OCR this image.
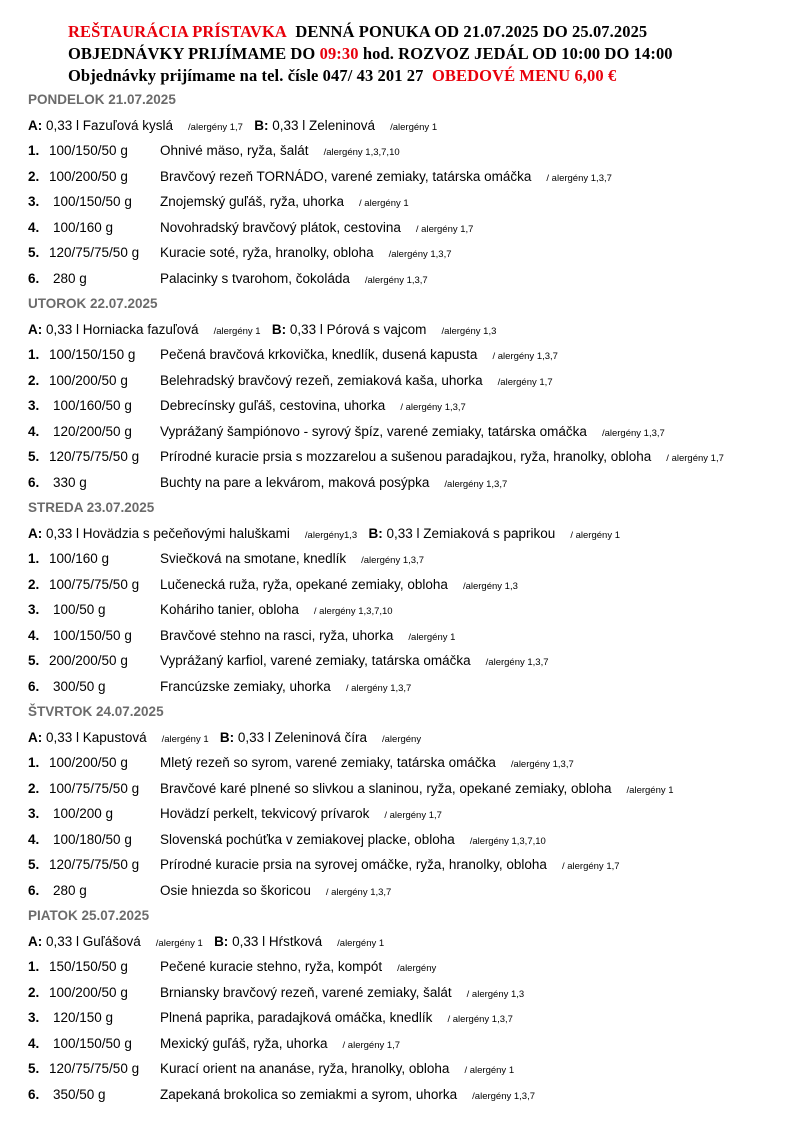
REŠTAURÁCIA PRÍSTAVKA DENNÁ PONUKA OD 21.07.2025 DO 25.07.2025
OBJEDNÁVKY PRIJÍMAME DO 09:30 hod. ROZVOZ JEDÁL OD 10:00 DO 14:00
Objednávky prijímame na tel. čísle 047/ 43 201 27 OBEDOVÉ MENU 6,00 €
PONDELOK 21.07.2025
A: 0,33 l Fazuľová kyslá /alergény 1,7 B: 0,33 l Zeleninová /alergény 1
1. 100/150/50 g Ohnivé mäso, ryža, šalát /alergény 1,3,7,10
2. 100/200/50 g Bravčový rezeň TORNÁDO, varené zemiaky, tatárska omáčka / alergény 1,3,7
3. 100/150/50 g Znojemský guľáš, ryža, uhorka / alergény 1
4. 100/160 g	Novohradský bravčový plátok, cestovina / alergény 1,7
5. 120/75/75/50 g Kuracie soté, ryža, hranolky, obloha /alergény 1,3,7
6. 280 g	Palacinky s tvarohom, čokoláda /alergény 1,3,7
UTOROK 22.07.2025
A: 0,33 l Horniacka fazuľová /alergény 1 B: 0,33 l Pórová s vajcom /alergény 1,3
1. 100/150/150 g Pečená bravčová krkovička, knedlík, dusená kapusta / alergény 1,3,7
2. 100/200/50 g Belehradský bravčový rezeň, zemiaková kaša, uhorka /alergény 1,7
3. 100/160/50 g Debrecínsky guľáš, cestovina, uhorka / alergény 1,3,7
4. 120/200/50 g Vyprážaný šampiónovo - syrový špíz, varené zemiaky, tatárska omáčka /alergény 1,3,7
5. 120/75/75/50 g Prírodné kuracie prsia s mozzarelou a sušenou paradajkou, ryža, hranolky, obloha / alergény 1,7
6. 330 g	Buchty na pare a lekvárom, maková posýpka /alergény 1,3,7
STREDA 23.07.2025
A: 0,33 l Hovädzia s pečeňovými haluškami /alergény1,3 B: 0,33 l Zemiaková s paprikou / alergény 1
1. 100/160 g	Sviečková na smotane, knedlík /alergény 1,3,7
2. 100/75/75/50 g Lučenecká ruža, ryža, opekané zemiaky, obloha /alergény 1,3
3. 100/50 g	Koháriho tanier, obloha / alergény 1,3,7,10
4. 100/150/50 g Bravčové stehno na rasci, ryža, uhorka /alergény 1
5. 200/200/50 g Vyprážaný karfiol, varené zemiaky, tatárska omáčka /alergény 1,3,7
6. 300/50 g	Francúzske zemiaky, uhorka / alergény 1,3,7
ŠTVRTOK 24.07.2025
A: 0,33 l Kapustová /alergény 1 B: 0,33 l Zeleninová číra /alergény
1. 100/200/50 g Mletý rezeň so syrom, varené zemiaky, tatárska omáčka /alergény 1,3,7
2. 100/75/75/50 g Bravčové karé plnené so slivkou a slaninou, ryža, opekané zemiaky, obloha /alergény 1
3. 100/200 g	Hovädzí perkelt, tekvicový prívarok / alergény 1,7
4. 100/180/50 g Slovenská pochúťka v zemiakovej placke, obloha /alergény 1,3,7,10
5. 120/75/75/50 g Prírodné kuracie prsia na syrovej omáčke, ryža, hranolky, obloha / alergény 1,7
6. 280 g	Osie hniezda so škoricou / alergény 1,3,7
PIATOK 25.07.2025
A: 0,33 l Guľášová /alergény 1 B: 0,33 l Hŕstková /alergény 1
1. 150/150/50 g Pečené kuracie stehno, ryža, kompót /alergény
2. 100/200/50 g Brniansky bravčový rezeň, varené zemiaky, šalát / alergény 1,3
3. 120/150 g	Plnená paprika, paradajková omáčka, knedlík / alergény 1,3,7
4. 100/150/50 g Mexický guľáš, ryža, uhorka / alergény 1,7
5. 120/75/75/50 g Kurací orient na ananáse, ryža, hranolky, obloha / alergény 1
6. 350/50 g	Zapekaná brokolica so zemiakmi a syrom, uhorka /alergény 1,3,7
